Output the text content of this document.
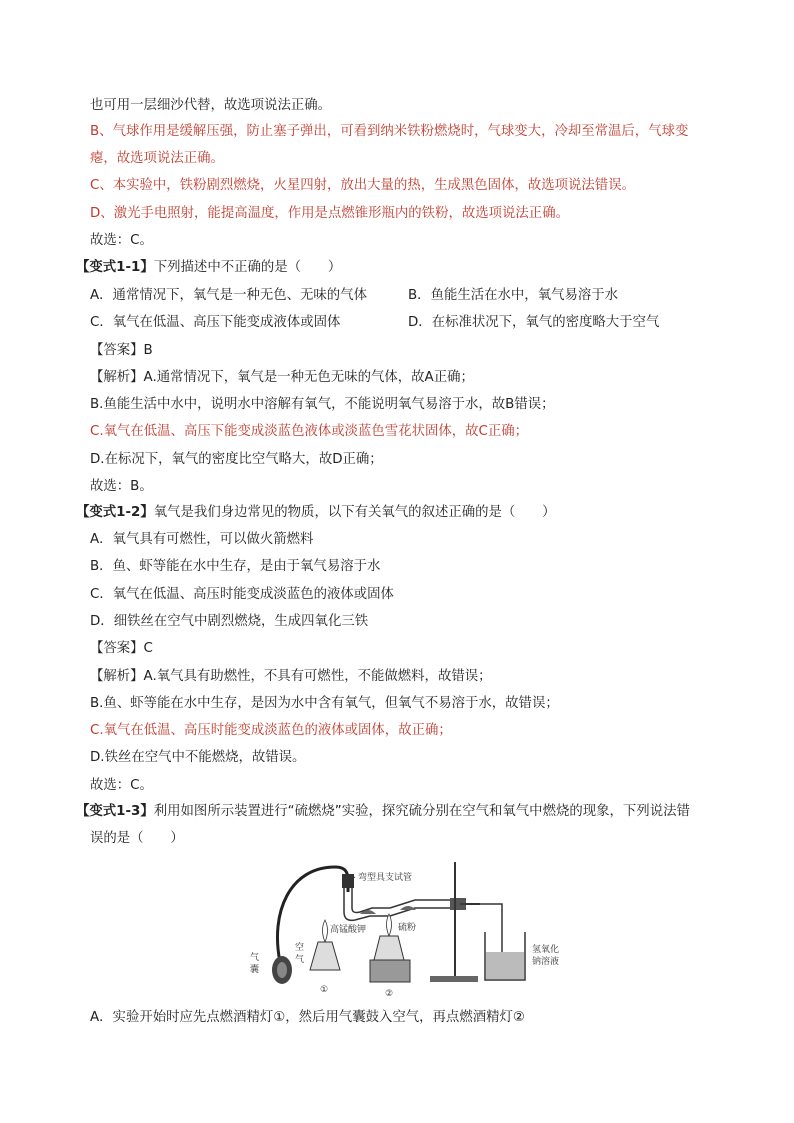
也可用一层细沙代替，故选项说法正确。
B、气球作用是缓解压强，防止塞子弹出，可看到纳米铁粉燃烧时，气球变大，冷却至常温后，气球变
瘪，故选项说法正确。
C、本实验中，铁粉剧烈燃烧，火星四射，放出大量的热，生成黑色固体，故选项说法错误。
D、激光手电照射，能提高温度，作用是点燃锥形瓶内的铁粉，故选项说法正确。
故选：C。
【变式1-1】下列描述中不正确的是（　　）
A．通常情况下，氧气是一种无色、无味的气体	B．鱼能生活在水中，氧气易溶于水
C．氧气在低温、高压下能变成液体或固体	D．在标准状况下，氧气的密度略大于空气
【答案】B
【解析】A.通常情况下，氧气是一种无色无味的气体，故A正确；
B.鱼能生活中水中，说明水中溶解有氧气，不能说明氧气易溶于水，故B错误；
C.氧气在低温、高压下能变成淡蓝色液体或淡蓝色雪花状固体，故C正确；
D.在标况下，氧气的密度比空气略大，故D正确；
故选：B。
【变式1-2】氧气是我们身边常见的物质，以下有关氧气的叙述正确的是（　　）
A．氧气具有可燃性，可以做火箭燃料
B．鱼、虾等能在水中生存，是由于氧气易溶于水
C．氧气在低温、高压时能变成淡蓝色的液体或固体
D．细铁丝在空气中剧烈燃烧，生成四氧化三铁
【答案】C
【解析】A.氧气具有助燃性，不具有可燃性，不能做燃料，故错误；
B.鱼、虾等能在水中生存，是因为水中含有氧气，但氧气不易溶于水，故错误；
C.氧气在低温、高压时能变成淡蓝色的液体或固体，故正确；
D.铁丝在空气中不能燃烧，故错误。
故选：C。
【变式1-3】利用如图所示装置进行“硫燃烧”实验，探究硫分别在空气和氧气中燃烧的现象，下列说法错
误的是（　　）
气
囊
空
气
弯型具支试管
高锰酸钾	硫粉
氢氧化
钠溶液
①	②
A．实验开始时应先点燃酒精灯①，然后用气囊鼓入空气，再点燃酒精灯②
